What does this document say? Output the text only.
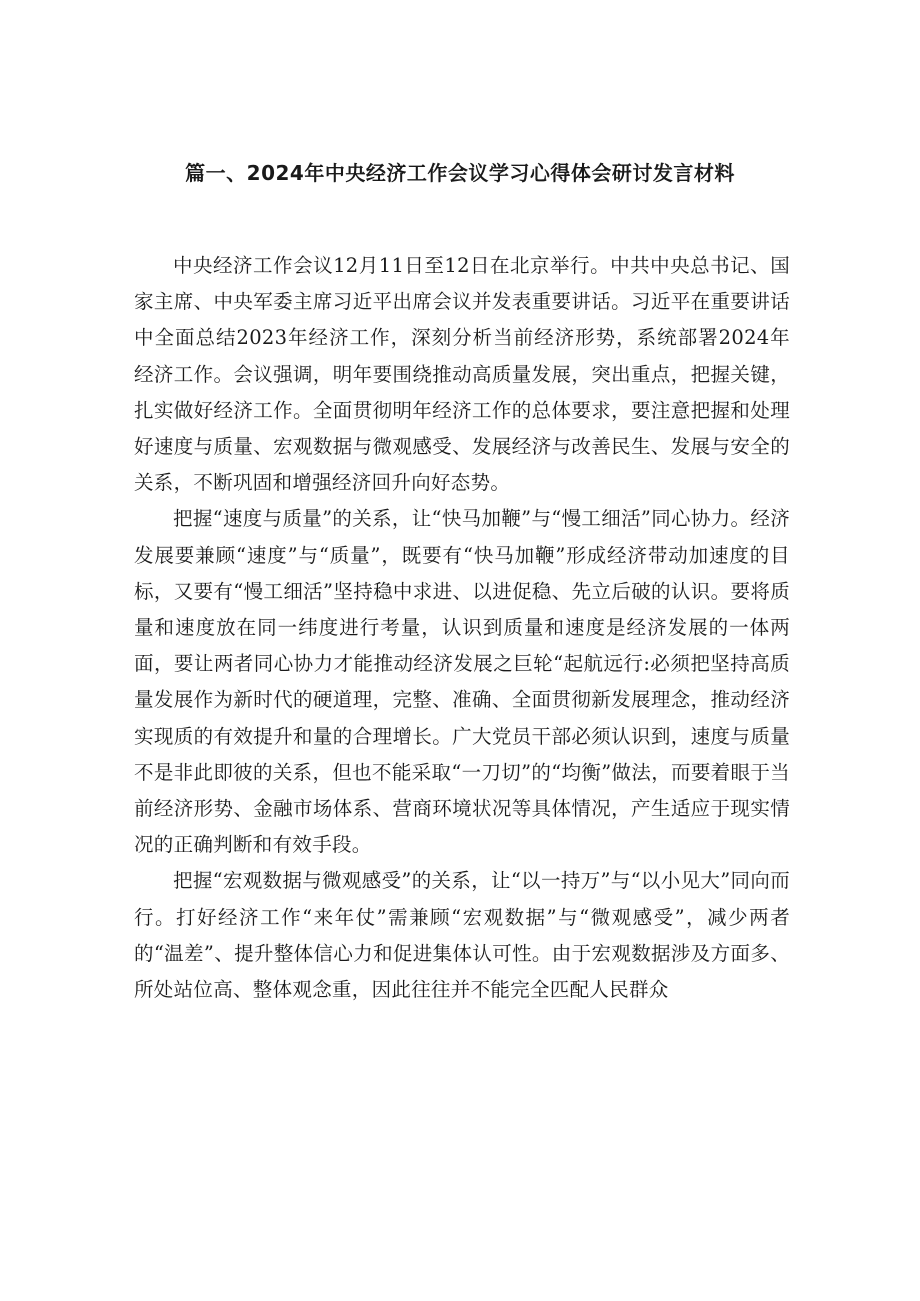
篇一、2024年中央经济工作会议学习心得体会研讨发言材料

中央经济工作会议12月11日至12日在北京举行。中共中央总书记、国家主席、中央军委主席习近平出席会议并发表重要讲话。习近平在重要讲话中全面总结2023年经济工作，深刻分析当前经济形势，系统部署2024年经济工作。会议强调，明年要围绕推动高质量发展，突出重点，把握关键，扎实做好经济工作。全面贯彻明年经济工作的总体要求，要注意把握和处理好速度与质量、宏观数据与微观感受、发展经济与改善民生、发展与安全的关系，不断巩固和增强经济回升向好态势。

把握“速度与质量”的关系，让“快马加鞭”与“慢工细活”同心协力。经济发展要兼顾“速度”与“质量”，既要有“快马加鞭”形成经济带动加速度的目标，又要有“慢工细活”坚持稳中求进、以进促稳、先立后破的认识。要将质量和速度放在同一纬度进行考量，认识到质量和速度是经济发展的一体两面，要让两者同心协力才能推动经济发展之巨轮“起航远行:必须把坚持高质量发展作为新时代的硬道理，完整、准确、全面贯彻新发展理念，推动经济实现质的有效提升和量的合理增长。广大党员干部必须认识到，速度与质量不是非此即彼的关系，但也不能采取“一刀切”的“均衡”做法，而要着眼于当前经济形势、金融市场体系、营商环境状况等具体情况，产生适应于现实情况的正确判断和有效手段。

把握“宏观数据与微观感受”的关系，让“以一持万”与“以小见大”同向而行。打好经济工作“来年仗”需兼顾“宏观数据”与“微观感受”，减少两者的“温差”、提升整体信心力和促进集体认可性。由于宏观数据涉及方面多、所处站位高、整体观念重，因此往往并不能完全匹配人民群众
